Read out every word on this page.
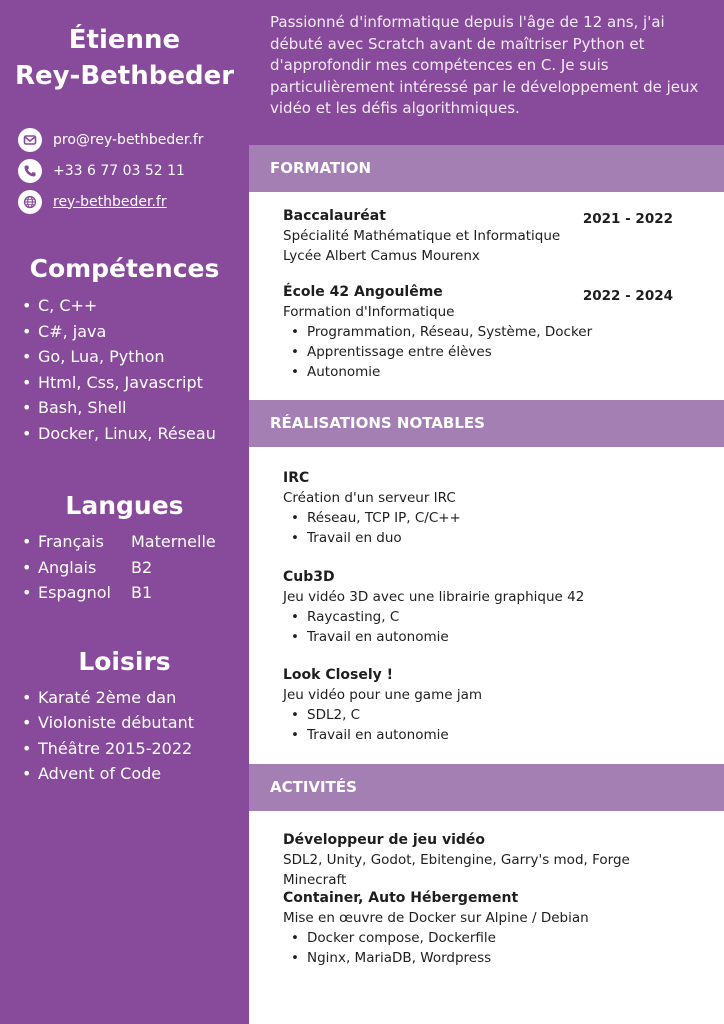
Étienne
Rey-Bethbeder
pro@rey-bethbeder.fr
+33 6 77 03 52 11
rey-bethbeder.fr
Compétences
• C, C++
• C#, java
• Go, Lua, Python
• Html, Css, Javascript
• Bash, Shell
• Docker, Linux, Réseau
Langues
• Français	Maternelle
• Anglais	B2
• Espagnol	B1
Loisirs
• Karaté 2ème dan
• Violoniste débutant
• Théâtre 2015-2022
• Advent of Code
Passionné d'informatique depuis l'âge de 12 ans, j'ai débuté avec Scratch avant de maîtriser Python et d'approfondir mes compétences en C. Je suis particulièrement intéressé par le développement de jeux vidéo et les défis algorithmiques.
FORMATION
Baccalauréat
Spécialité Mathématique et Informatique
Lycée Albert Camus Mourenx
2021 - 2022
École 42 Angoulême
Formation d'Informatique
• Programmation, Réseau, Système, Docker
• Apprentissage entre élèves
• Autonomie
2022 - 2024
RÉALISATIONS NOTABLES
IRC
Création d'un serveur IRC
• Réseau, TCP IP, C/C++
• Travail en duo
Cub3D
Jeu vidéo 3D avec une librairie graphique 42
• Raycasting, C
• Travail en autonomie
Look Closely !
Jeu vidéo pour une game jam
• SDL2, C
• Travail en autonomie
ACTIVITÉS
Développeur de jeu vidéo
SDL2, Unity, Godot, Ebitengine, Garry's mod, Forge Minecraft
Container, Auto Hébergement
Mise en œuvre de Docker sur Alpine / Debian
• Docker compose, Dockerfile
• Nginx, MariaDB, Wordpress
